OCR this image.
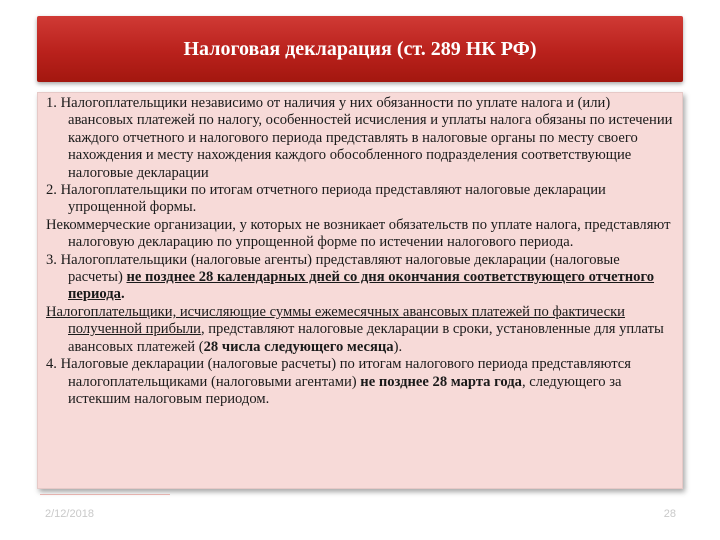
Налоговая декларация (ст. 289 НК РФ)

1. Налогоплательщики независимо от наличия у них обязанности по уплате налога и (или) авансовых платежей по налогу, особенностей исчисления и уплаты налога обязаны по истечении каждого отчетного и налогового периода представлять в налоговые органы по месту своего нахождения и месту нахождения каждого обособленного подразделения соответствующие налоговые декларации

2. Налогоплательщики по итогам отчетного периода представляют налоговые декларации упрощенной формы.

Некоммерческие организации, у которых не возникает обязательств по уплате налога, представляют налоговую декларацию по упрощенной форме по истечении налогового периода.

3. Налогоплательщики (налоговые агенты) представляют налоговые декларации (налоговые расчеты) не позднее 28 календарных дней со дня окончания соответствующего отчетного периода.

Налогоплательщики, исчисляющие суммы ежемесячных авансовых платежей по фактически полученной прибыли, представляют налоговые декларации в сроки, установленные для уплаты авансовых платежей (28 числа следующего месяца).

4. Налоговые декларации (налоговые расчеты) по итогам налогового периода представляются налогоплательщиками (налоговыми агентами) не позднее 28 марта года, следующего за истекшим налоговым периодом.

2/12/2018	28
